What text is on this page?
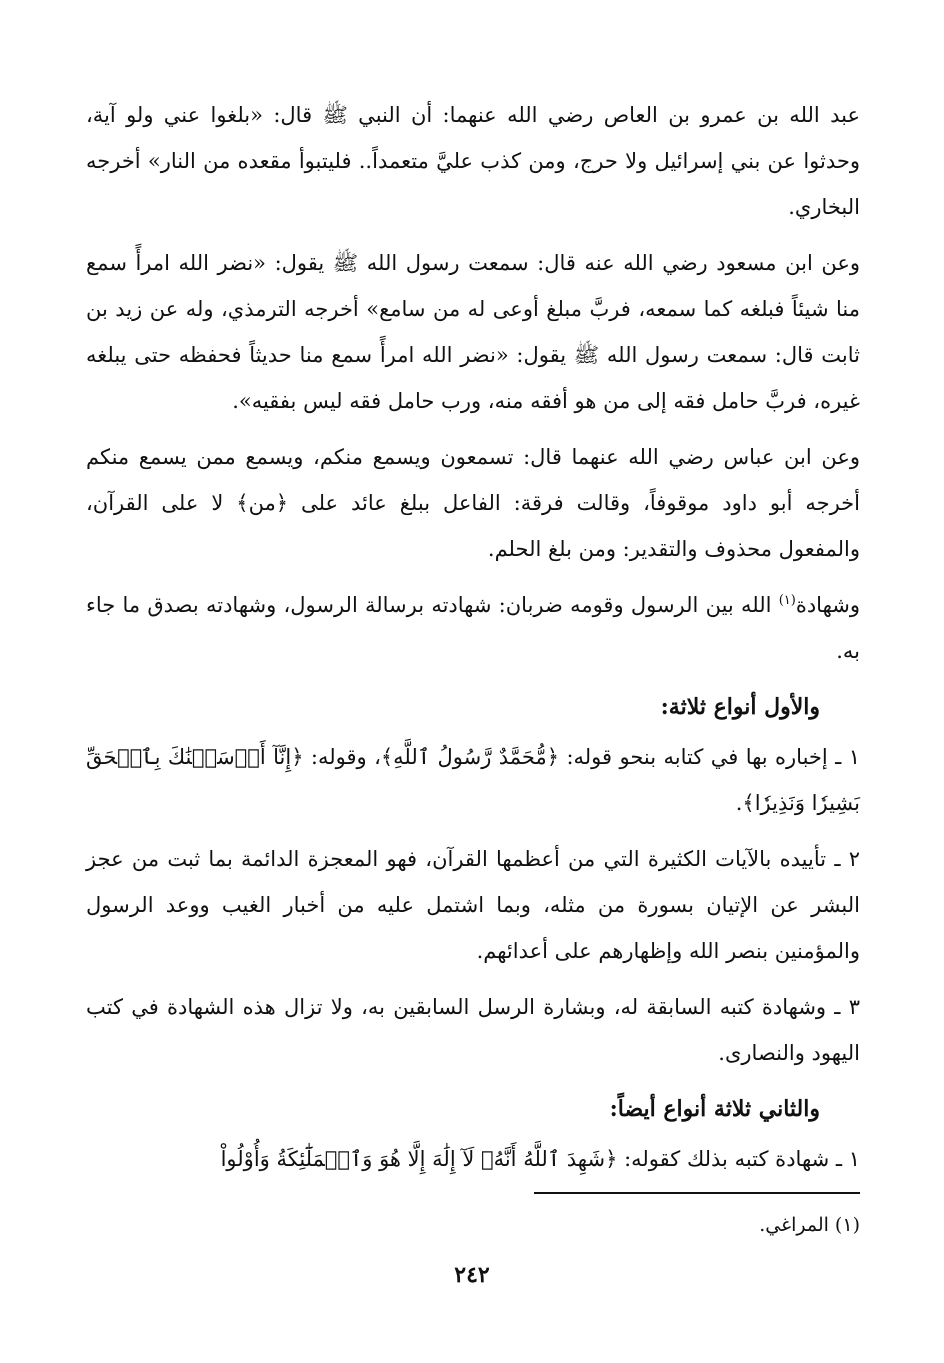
عبد الله بن عمرو بن العاص رضي الله عنهما: أن النبي ﷺ قال: «بلغوا عني ولو آية، وحدثوا عن بني إسرائيل ولا حرج، ومن كذب عليَّ متعمداً.. فليتبوأ مقعده من النار» أخرجه البخاري.

وعن ابن مسعود رضي الله عنه قال: سمعت رسول الله ﷺ يقول: «نضر الله امرأً سمع منا شيئاً فبلغه كما سمعه، فربَّ مبلغ أوعى له من سامع» أخرجه الترمذي، وله عن زيد بن ثابت قال: سمعت رسول الله ﷺ يقول: «نضر الله امرأً سمع منا حديثاً فحفظه حتى يبلغه غيره، فربَّ حامل فقه إلى من هو أفقه منه، ورب حامل فقه ليس بفقيه».

وعن ابن عباس رضي الله عنهما قال: تسمعون ويسمع منكم، ويسمع ممن يسمع منكم أخرجه أبو داود موقوفاً، وقالت فرقة: الفاعل ببلغ عائد على ﴿من﴾ لا على القرآن، والمفعول محذوف والتقدير: ومن بلغ الحلم.

وشهادة$^{(١)}$ الله بين الرسول وقومه ضربان: شهادته برسالة الرسول، وشهادته بصدق ما جاء به.

والأول أنواع ثلاثة:

١ ـ إخباره بها في كتابه بنحو قوله: ﴿مُّحَمَّدٌ رَّسُولُ ٱللَّهِ﴾، وقوله: ﴿إِنَّآ أَرۡسَلۡنَٰكَ بِٱلۡحَقِّ بَشِيرٗا وَنَذِيرٗا﴾.

٢ ـ تأييده بالآيات الكثيرة التي من أعظمها القرآن، فهو المعجزة الدائمة بما ثبت من عجز البشر عن الإتيان بسورة من مثله، وبما اشتمل عليه من أخبار الغيب ووعد الرسول والمؤمنين بنصر الله وإظهارهم على أعدائهم.

٣ ـ وشهادة كتبه السابقة له، وبشارة الرسل السابقين به، ولا تزال هذه الشهادة في كتب اليهود والنصارى.

والثاني ثلاثة أنواع أيضاً:

١ ـ شهادة كتبه بذلك كقوله: ﴿شَهِدَ ٱللَّهُ أَنَّهُۥ لَآ إِلَٰهَ إِلَّا هُوَ وَٱلۡمَلَٰٓئِكَةُ وَأُوْلُواْ

(١) المراغي.
٢٤٢
